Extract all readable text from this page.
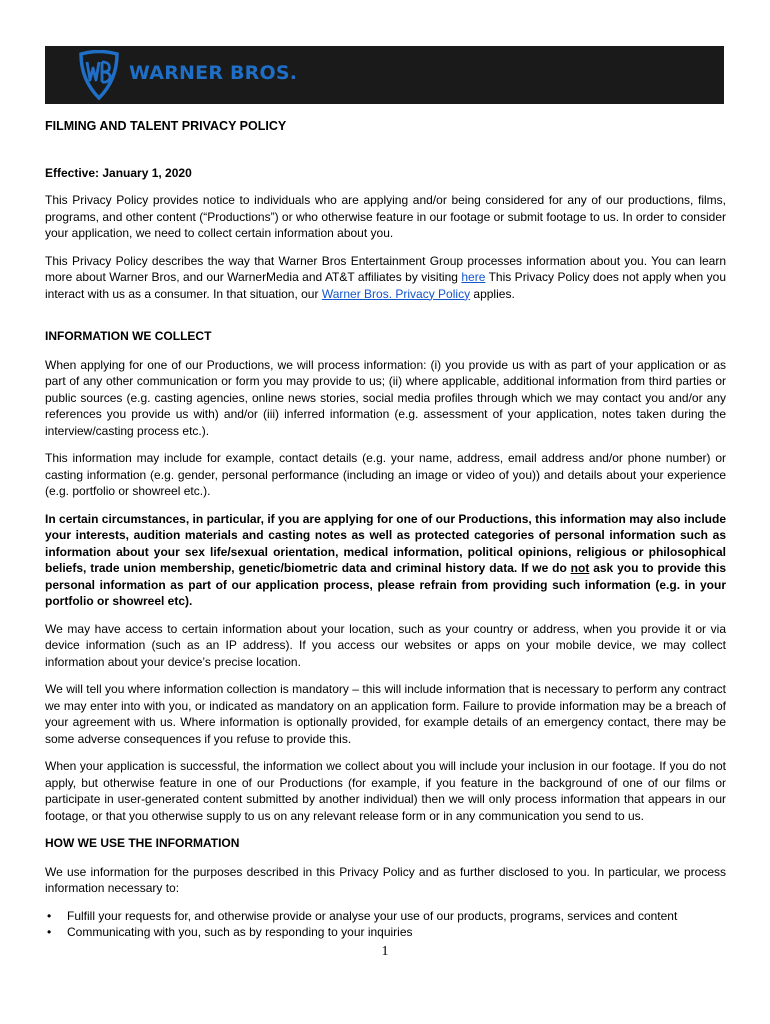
WARNER BROS.
FILMING AND TALENT PRIVACY POLICY
Effective: January 1, 2020

This Privacy Policy provides notice to individuals who are applying and/or being considered for any of our productions, films, programs, and other content (“Productions”) or who otherwise feature in our footage or submit footage to us. In order to consider your application, we need to collect certain information about you.

This Privacy Policy describes the way that Warner Bros Entertainment Group processes information about you. You can learn more about Warner Bros, and our WarnerMedia and AT&T affiliates by visiting here This Privacy Policy does not apply when you interact with us as a consumer. In that situation, our Warner Bros. Privacy Policy applies.

INFORMATION WE COLLECT

When applying for one of our Productions, we will process information: (i) you provide us with as part of your application or as part of any other communication or form you may provide to us; (ii) where applicable, additional information from third parties or public sources (e.g. casting agencies, online news stories, social media profiles through which we may contact you and/or any references you provide us with) and/or (iii) inferred information (e.g. assessment of your application, notes taken during the interview/casting process etc.).

This information may include for example, contact details (e.g. your name, address, email address and/or phone number) or casting information (e.g. gender, personal performance (including an image or video of you)) and details about your experience (e.g. portfolio or showreel etc.).

In certain circumstances, in particular, if you are applying for one of our Productions, this information may also include your interests, audition materials and casting notes as well as protected categories of personal information such as information about your sex life/sexual orientation, medical information, political opinions, religious or philosophical beliefs, trade union membership, genetic/biometric data and criminal history data. If we do not ask you to provide this personal information as part of our application process, please refrain from providing such information (e.g. in your portfolio or showreel etc).

We may have access to certain information about your location, such as your country or address, when you provide it or via device information (such as an IP address). If you access our websites or apps on your mobile device, we may collect information about your device’s precise location.

We will tell you where information collection is mandatory – this will include information that is necessary to perform any contract we may enter into with you, or indicated as mandatory on an application form. Failure to provide information may be a breach of your agreement with us. Where information is optionally provided, for example details of an emergency contact, there may be some adverse consequences if you refuse to provide this.

When your application is successful, the information we collect about you will include your inclusion in our footage. If you do not apply, but otherwise feature in one of our Productions (for example, if you feature in the background of one of our films or participate in user-generated content submitted by another individual) then we will only process information that appears in our footage, or that you otherwise supply to us on any relevant release form or in any communication you send to us.

HOW WE USE THE INFORMATION

We use information for the purposes described in this Privacy Policy and as further disclosed to you. In particular, we process information necessary to:

• Fulfill your requests for, and otherwise provide or analyse your use of our products, programs, services and content
• Communicating with you, such as by responding to your inquiries
1
